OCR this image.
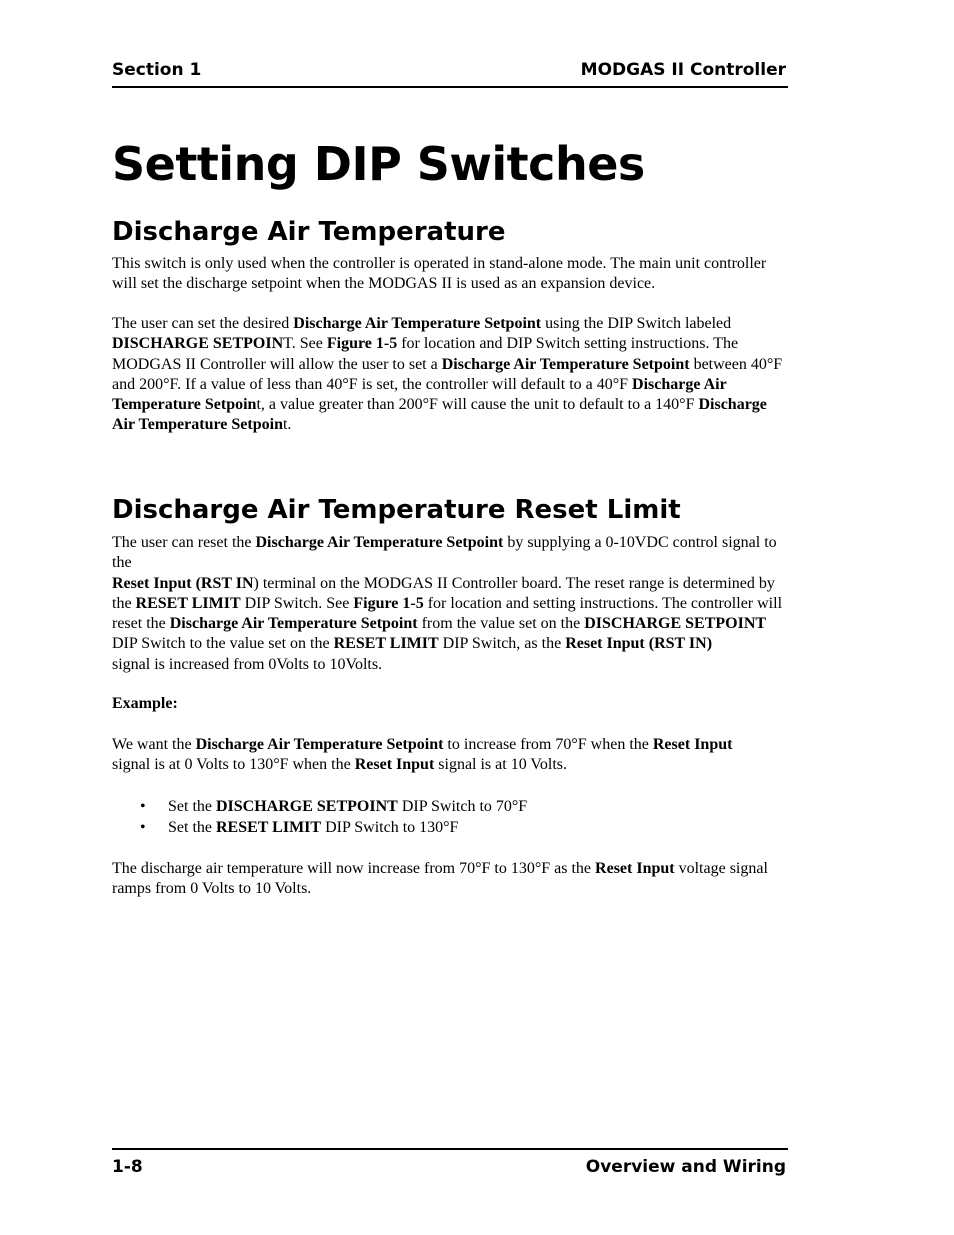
Section 1	MODGAS II Controller
Setting DIP Switches
Discharge Air Temperature

This switch is only used when the controller is operated in stand-alone mode. The main unit controller will set the discharge setpoint when the MODGAS II is used as an expansion device.

The user can set the desired Discharge Air Temperature Setpoint using the DIP Switch labeled DISCHARGE SETPOINT. See Figure 1-5 for location and DIP Switch setting instructions. The MODGAS II Controller will allow the user to set a Discharge Air Temperature Setpoint between 40°F and 200°F. If a value of less than 40°F is set, the controller will default to a 40°F Discharge Air Temperature Setpoint, a value greater than 200°F will cause the unit to default to a 140°F Discharge Air Temperature Setpoint.

Discharge Air Temperature Reset Limit

The user can reset the Discharge Air Temperature Setpoint by supplying a 0-10VDC control signal to the
Reset Input (RST IN) terminal on the MODGAS II Controller board. The reset range is determined by the RESET LIMIT DIP Switch. See Figure 1-5 for location and setting instructions. The controller will reset the Discharge Air Temperature Setpoint from the value set on the DISCHARGE SETPOINT DIP Switch to the value set on the RESET LIMIT DIP Switch, as the Reset Input (RST IN)
signal is increased from 0Volts to 10Volts.

Example:

We want the Discharge Air Temperature Setpoint to increase from 70°F when the Reset Input
signal is at 0 Volts to 130°F when the Reset Input signal is at 10 Volts.

• Set the DISCHARGE SETPOINT DIP Switch to 70°F
• Set the RESET LIMIT DIP Switch to 130°F

The discharge air temperature will now increase from 70°F to 130°F as the Reset Input voltage signal ramps from 0 Volts to 10 Volts.

1-8	Overview and Wiring
